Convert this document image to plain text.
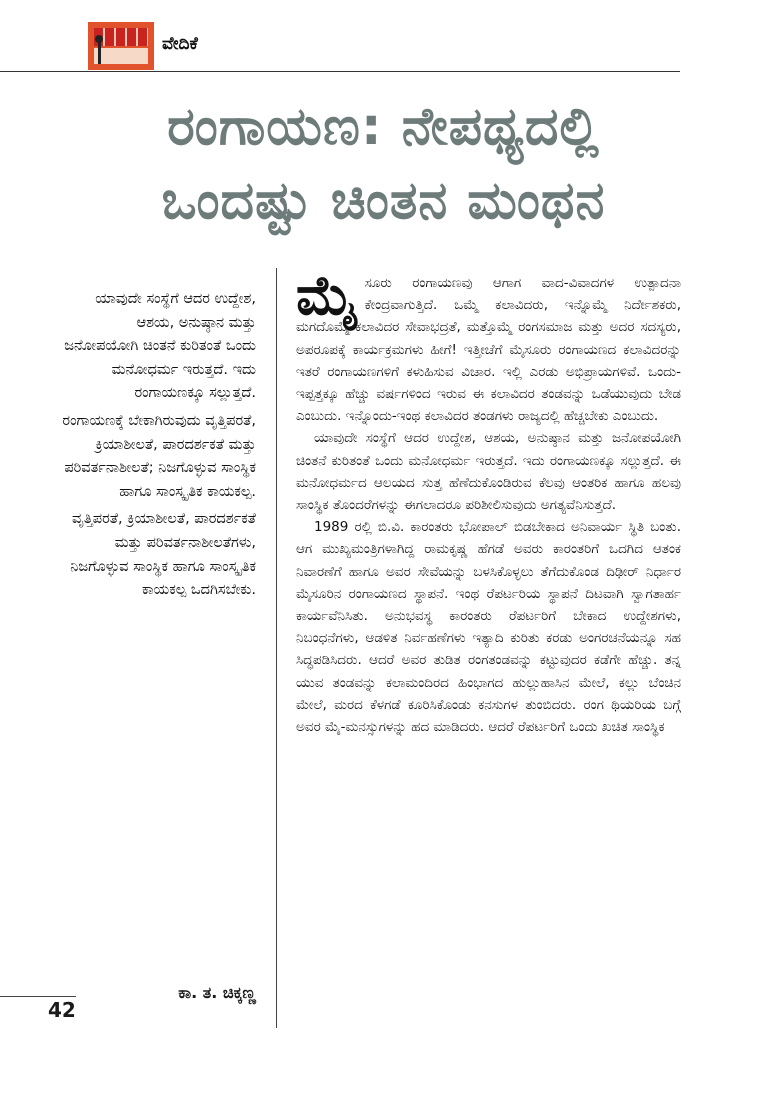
ವೇದಿಕೆ
ರಂಗಾಯಣ: ನೇಪಥ್ಯದಲ್ಲಿ
ಒಂದಷ್ಟು ಚಿಂತನ ಮಂಥನ

ಯಾವುದೇ ಸಂಸ್ಥೆಗೆ ಆದರ ಉದ್ದೇಶ, ಆಶಯ, ಅನುಷ್ಠಾನ ಮತ್ತು ಜನೋಪಯೋಗಿ ಚಿಂತನೆ ಕುರಿತಂತೆ ಒಂದು ಮನೋಧರ್ಮ ಇರುತ್ತದೆ. ಇದು ರಂಗಾಯಣಕ್ಕೂ ಸಲ್ಲುತ್ತದೆ.

ರಂಗಾಯಣಕ್ಕೆ ಬೇಕಾಗಿರುವುದು ವೃತ್ತಿಪರತೆ, ಕ್ರಿಯಾಶೀಲತೆ, ಪಾರದರ್ಶಕತೆ ಮತ್ತು ಪರಿವರ್ತನಾಶೀಲತೆ; ನಿಜಗೊಳ್ಳುವ ಸಾಂಸ್ಥಿಕ ಹಾಗೂ ಸಾಂಸ್ಕೃತಿಕ ಕಾಯಕಲ್ಪ.

ವೃತ್ತಿಪರತೆ, ಕ್ರಿಯಾಶೀಲತೆ, ಪಾರದರ್ಶಕತೆ ಮತ್ತು ಪರಿವರ್ತನಾಶೀಲತೆಗಳು, ನಿಜಗೊಳ್ಳುವ ಸಾಂಸ್ಥಿಕ ಹಾಗೂ ಸಾಂಸ್ಕೃತಿಕ ಕಾಯಕಲ್ಪ ಒದಗಿಸಬೇಕು.

ಕಾ. ತ. ಚಿಕ್ಕಣ್ಣ
42

ಮೈಸೂರು ರಂಗಾಯಣವು ಆಗಾಗ ವಾದ-ವಿವಾದಗಳ ಉತ್ಪಾದನಾ ಕೇಂದ್ರವಾಗುತ್ತಿದೆ. ಒಮ್ಮೆ ಕಲಾವಿದರು, ಇನ್ನೊಮ್ಮೆ ನಿರ್ದೇಶಕರು, ಮಗದೊಮ್ಮೆ ಕಲಾವಿದರ ಸೇವಾಭದ್ರತೆ, ಮತ್ತೊಮ್ಮೆ ರಂಗಸಮಾಜ ಮತ್ತು ಅದರ ಸದಸ್ಯರು, ಅಪರೂಪಕ್ಕೆ ಕಾರ್ಯಕ್ರಮಗಳು ಹೀಗೆ! ಇತ್ತೀಚೆಗೆ ಮೈಸೂರು ರಂಗಾಯಣದ ಕಲಾವಿದರನ್ನು ಇತರೆ ರಂಗಾಯಣಗಳಿಗೆ ಕಳುಹಿಸುವ ವಿಚಾರ. ಇಲ್ಲಿ ಎರಡು ಅಭಿಪ್ರಾಯಗಳಿವೆ. ಒಂದು-ಇಪ್ಪತ್ತಕ್ಕೂ ಹೆಚ್ಚು ವರ್ಷಗಳಿಂದ ಇರುವ ಈ ಕಲಾವಿದರ ತಂಡವನ್ನು ಒಡೆಯುವುದು ಬೇಡ ಎಂಬುದು. ಇನ್ನೊಂದು-ಇಂಥ ಕಲಾವಿದರ ತಂಡಗಳು ರಾಜ್ಯದಲ್ಲಿ ಹೆಚ್ಚಬೇಕು ಎಂಬುದು.

ಯಾವುದೇ ಸಂಸ್ಥೆಗೆ ಆದರ ಉದ್ದೇಶ, ಆಶಯ, ಅನುಷ್ಠಾನ ಮತ್ತು ಜನೋಪಯೋಗಿ ಚಿಂತನೆ ಕುರಿತಂತೆ ಒಂದು ಮನೋಧರ್ಮ ಇರುತ್ತದೆ. ಇದು ರಂಗಾಯಣಕ್ಕೂ ಸಲ್ಲುತ್ತದೆ. ಈ ಮನೋಧರ್ಮದ ಆಲಯದ ಸುತ್ತ ಹೆಣೆದುಕೊಂಡಿರುವ ಕೆಲವು ಆಂತರಿಕ ಹಾಗೂ ಹಲವು ಸಾಂಸ್ಥಿಕ ತೊಂದರೆಗಳನ್ನು ಈಗಲಾದರೂ ಪರಿಶೀಲಿಸುವುದು ಅಗತ್ಯವೆನಿಸುತ್ತದೆ.

1989 ರಲ್ಲಿ ಬಿ.ವಿ. ಕಾರಂತರು ಭೋಪಾಲ್ ಬಿಡಬೇಕಾದ ಅನಿವಾರ್ಯ ಸ್ಥಿತಿ ಬಂತು. ಆಗ ಮುಖ್ಯಮಂತ್ರಿಗಳಾಗಿದ್ದ ರಾಮಕೃಷ್ಣ ಹೆಗಡೆ ಅವರು ಕಾರಂತರಿಗೆ ಒದಗಿದ ಆತಂಕ ನಿವಾರಣೆಗೆ ಹಾಗೂ ಅವರ ಸೇವೆಯನ್ನು ಬಳಸಿಕೊಳ್ಳಲು ತೆಗೆದುಕೊಂಡ ದಿಢೀರ್ ನಿರ್ಧಾರ ಮೈಸೂರಿನ ರಂಗಾಯಣದ ಸ್ಥಾಪನೆ. ಇಂಥ ರೆಪರ್ಟರಿಯ ಸ್ಥಾಪನೆ ದಿಟವಾಗಿ ಸ್ವಾಗತಾರ್ಹ ಕಾರ್ಯವೆನಿಸಿತು. ಅನುಭವಸ್ಥ ಕಾರಂತರು ರೆಪರ್ಟರಿಗೆ ಬೇಕಾದ ಉದ್ದೇಶಗಳು, ನಿಬಂಧನೆಗಳು, ಆಡಳಿತ ನಿರ್ವಹಣೆಗಳು ಇತ್ಯಾದಿ ಕುರಿತು ಕರಡು ಅಂಗರಚನೆಯನ್ನೂ ಸಹ ಸಿದ್ಧಪಡಿಸಿದರು. ಆದರೆ ಅವರ ತುಡಿತ ರಂಗತಂಡವನ್ನು ಕಟ್ಟುವುದರ ಕಡೆಗೇ ಹೆಚ್ಚು. ತನ್ನ ಯುವ ತಂಡವನ್ನು ಕಲಾಮಂದಿರದ ಹಿಂಭಾಗದ ಹುಲ್ಲುಹಾಸಿನ ಮೇಲೆ, ಕಲ್ಲು ಬೆಂಚಿನ ಮೇಲೆ, ಮರದ ಕೆಳಗಡೆ ಕೂರಿಸಿಕೊಂಡು ಕನಸುಗಳ ತುಂಬಿದರು. ರಂಗ ಥಿಯರಿಯ ಬಗ್ಗೆ ಅವರ ಮೈ-ಮನಸ್ಸುಗಳನ್ನು ಹದ ಮಾಡಿದರು. ಆದರೆ ರೆಪರ್ಟರಿಗೆ ಒಂದು ಖಚಿತ ಸಾಂಸ್ಥಿಕ
